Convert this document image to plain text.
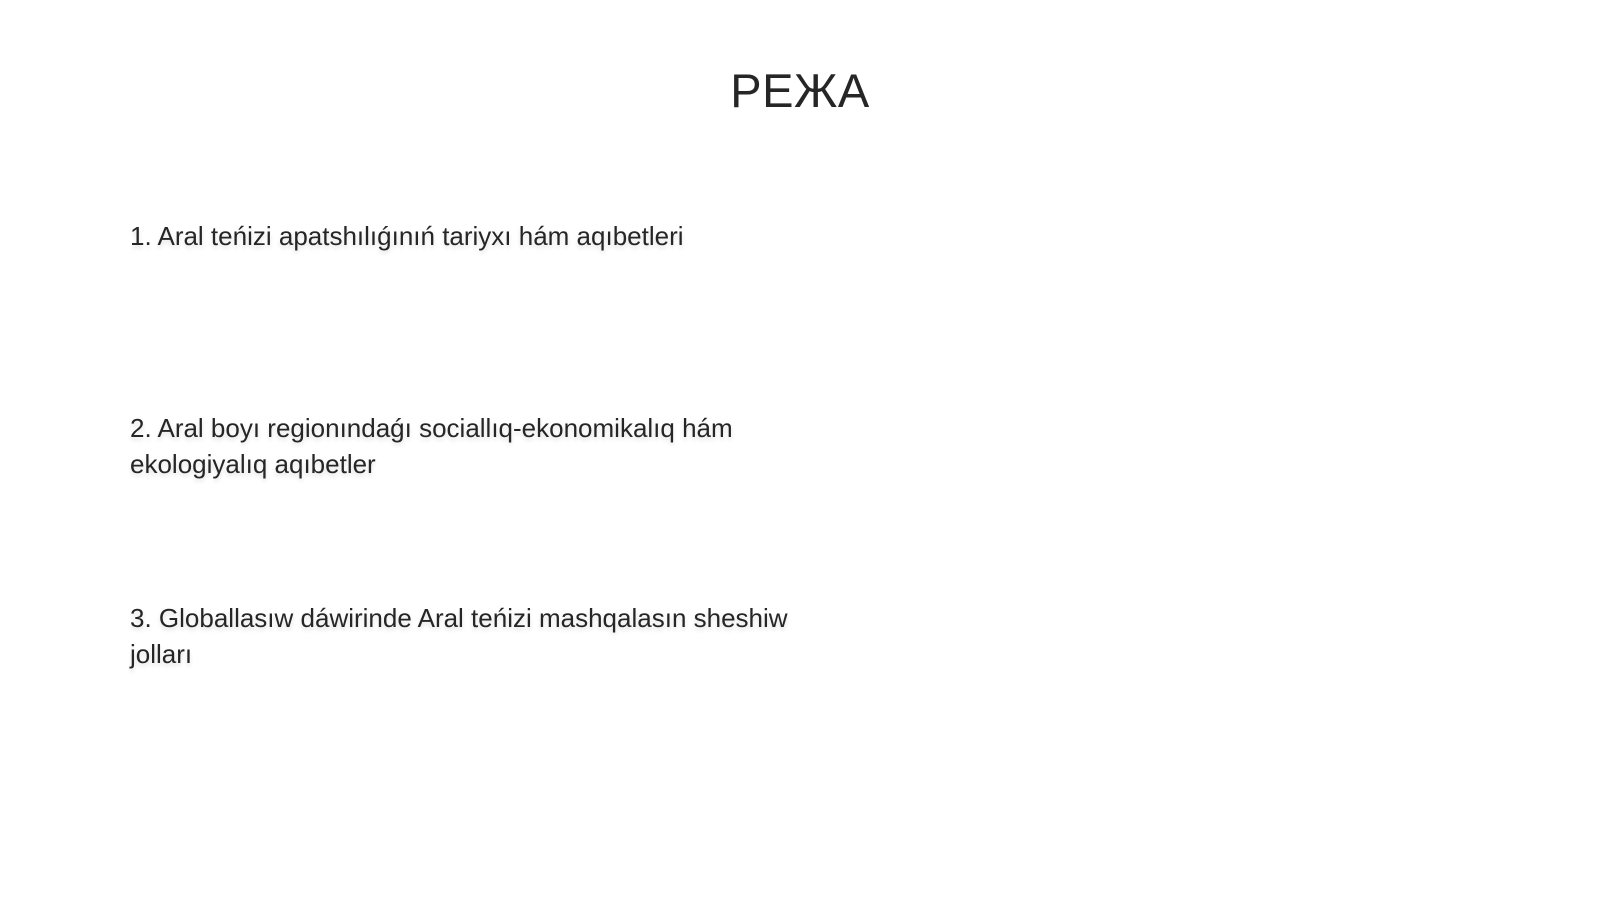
РЕЖА
1. Aral teńizi apatshılıǵınıń tariyxı hám aqıbetleri
2. Aral boyı regionındaǵı sociallıq-ekonomikalıq hám ekologiyalıq aqıbetler
3. Globallasıw dáwirinde Aral teńizi mashqalasın sheshiw jolları
